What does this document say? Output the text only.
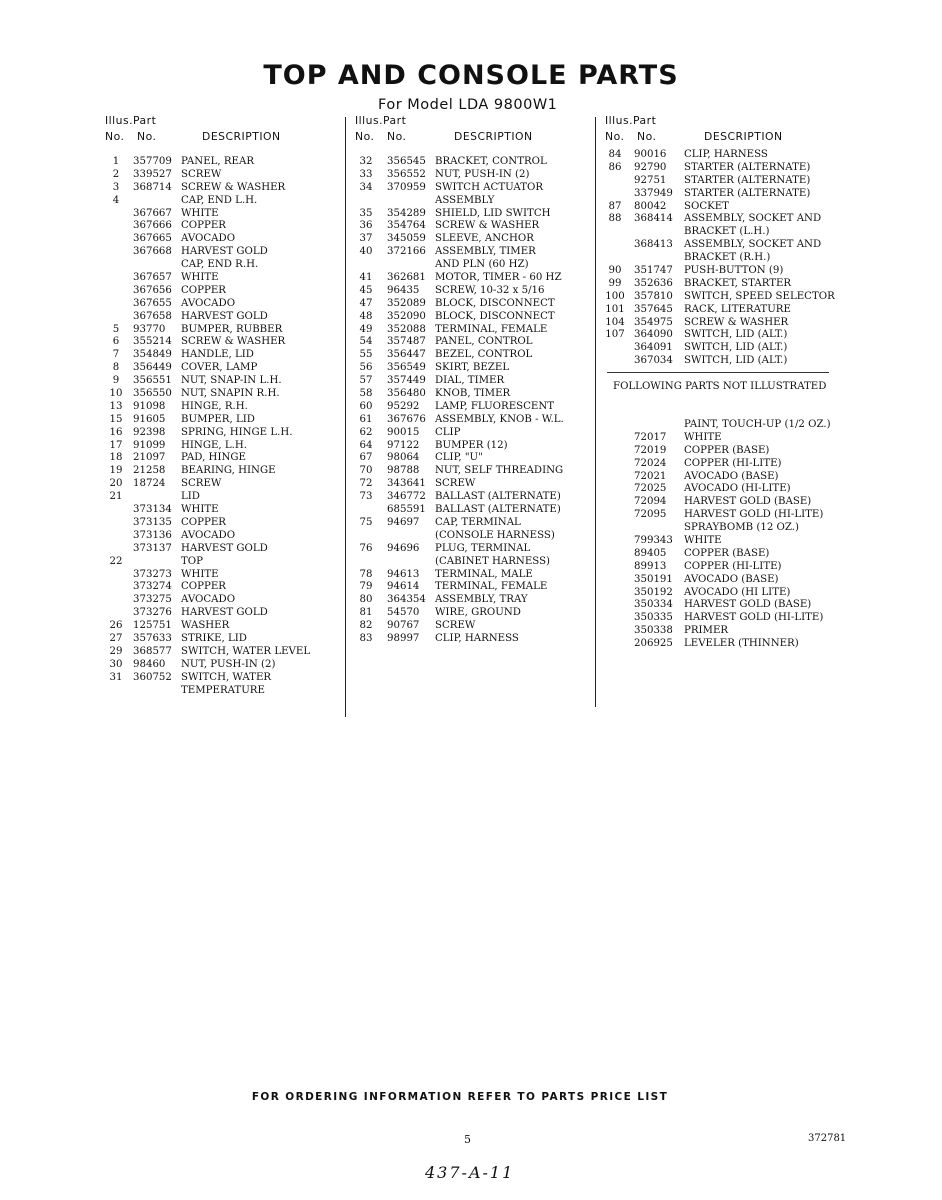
TOP AND CONSOLE PARTS
For Model LDA 9800W1
Illus. Part
No. No.	DESCRIPTION
1	357709 PANEL, REAR
2	339527 SCREW
3	368714 SCREW & WASHER
4	CAP, END L.H.
367667 WHITE
367666 COPPER
367665 AVOCADO
367668 HARVEST GOLD
CAP, END R.H.
367657 WHITE
367656 COPPER
367655 AVOCADO
367658 HARVEST GOLD
5	93770 BUMPER, RUBBER
6	355214 SCREW & WASHER
7	354849 HANDLE, LID
8	356449 COVER, LAMP
9	356551 NUT, SNAP-IN L.H.
10	356550 NUT, SNAPIN R.H.
13	91098 HINGE, R.H.
15	91605 BUMPER, LID
16	92398 SPRING, HINGE L.H.
17	91099 HINGE, L.H.
18	21097 PAD, HINGE
19	21258 BEARING, HINGE
20	18724 SCREW
21	LID
373134 WHITE
373135 COPPER
373136 AVOCADO
373137 HARVEST GOLD
22	TOP
373273 WHITE
373274 COPPER
373275 AVOCADO
373276 HARVEST GOLD
26	125751 WASHER
27	357633 STRIKE, LID
29	368577 SWITCH, WATER LEVEL
30	98460 NUT, PUSH-IN (2)
31	360752 SWITCH, WATER
TEMPERATURE
Illus. Part
No. No.	DESCRIPTION
32	356545 BRACKET, CONTROL
33	356552 NUT, PUSH-IN (2)
34	370959 SWITCH ACTUATOR
ASSEMBLY
35	354289 SHIELD, LID SWITCH
36	354764 SCREW & WASHER
37	345059 SLEEVE, ANCHOR
40	372166 ASSEMBLY, TIMER
AND PLN (60 HZ)
41	362681 MOTOR, TIMER - 60 HZ
45	96435 SCREW, 10-32 x 5/16
47	352089 BLOCK, DISCONNECT
48	352090 BLOCK, DISCONNECT
49	352088 TERMINAL, FEMALE
54	357487 PANEL, CONTROL
55	356447 BEZEL, CONTROL
56	356549 SKIRT, BEZEL
57	357449 DIAL, TIMER
58	356480 KNOB, TIMER
60	95292 LAMP, FLUORESCENT
61	367676 ASSEMBLY, KNOB - W.L.
62	90015 CLIP
64	97122 BUMPER (12)
67	98064 CLIP, "U"
70	98788 NUT, SELF THREADING
72	343641 SCREW
73	346772 BALLAST (ALTERNATE)
685591 BALLAST (ALTERNATE)
75	94697 CAP, TERMINAL
(CONSOLE HARNESS)
76	94696 PLUG, TERMINAL
(CABINET HARNESS)
78	94613 TERMINAL, MALE
79	94614 TERMINAL, FEMALE
80	364354 ASSEMBLY, TRAY
81	54570 WIRE, GROUND
82	90767 SCREW
83	98997 CLIP, HARNESS
Illus. Part
No. No.	DESCRIPTION
84	90016 CLIP, HARNESS
86	92790 STARTER (ALTERNATE)
92751 STARTER (ALTERNATE)
337949 STARTER (ALTERNATE)
87	80042 SOCKET
88	368414 ASSEMBLY, SOCKET AND
BRACKET (L.H.)
368413 ASSEMBLY, SOCKET AND
BRACKET (R.H.)
90	351747 PUSH-BUTTON (9)
99	352636 BRACKET, STARTER
100 357810 SWITCH, SPEED SELECTOR
101 357645 RACK, LITERATURE
104 354975 SCREW & WASHER
107 364090 SWITCH, LID (ALT.)
364091 SWITCH, LID (ALT.)
367034 SWITCH, LID (ALT.)
FOLLOWING PARTS NOT ILLUSTRATED
PAINT, TOUCH-UP (1/2 OZ.)
72017 WHITE
72019 COPPER (BASE)
72024 COPPER (HI-LITE)
72021 AVOCADO (BASE)
72025 AVOCADO (HI-LITE)
72094 HARVEST GOLD (BASE)
72095 HARVEST GOLD (HI-LITE)
SPRAYBOMB (12 OZ.)
799343 WHITE
89405 COPPER (BASE)
89913 COPPER (HI-LITE)
350191 AVOCADO (BASE)
350192 AVOCADO (HI LITE)
350334 HARVEST GOLD (BASE)
350335 HARVEST GOLD (HI-LITE)
350338 PRIMER
206925 LEVELER (THINNER)
FOR ORDERING INFORMATION REFER TO PARTS PRICE LIST
5	372781
437-A-11
